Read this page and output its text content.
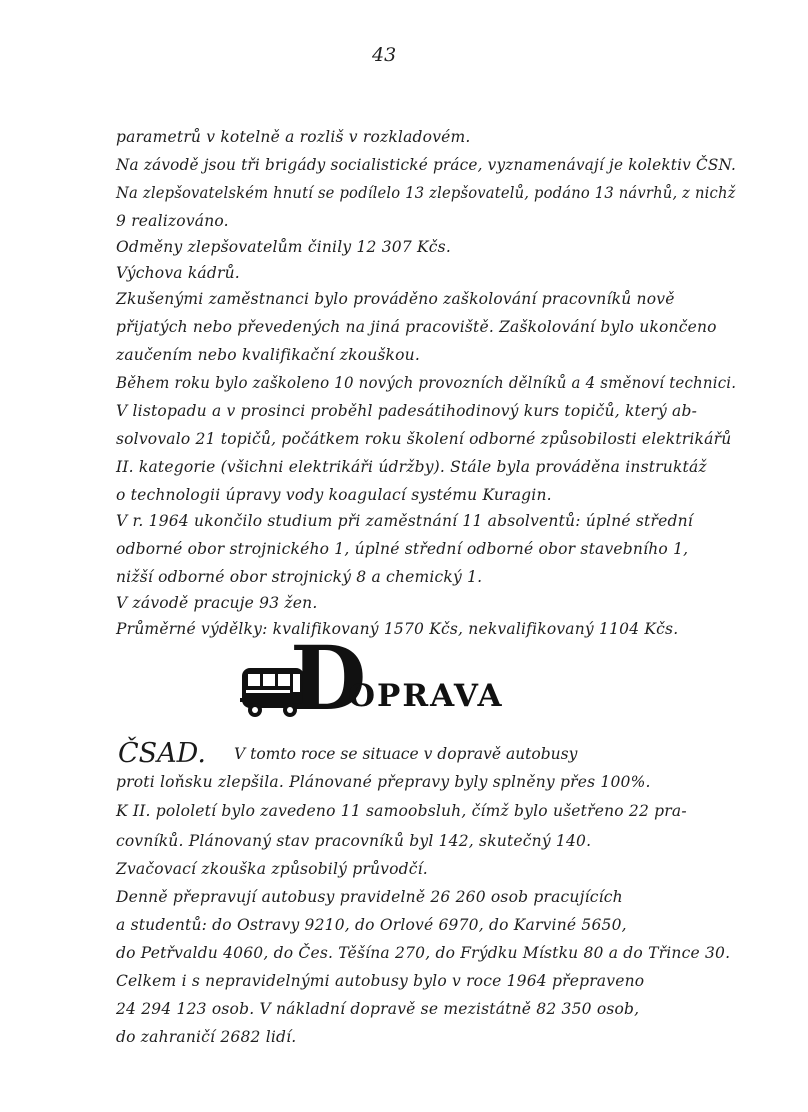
43
parametrů v kotelně a rozliš v rozkladovém.
Na závodě jsou tři brigády socialistické práce, vyznamenávají je kolektiv ČSN.
Na zlepšovatelském hnutí se podílelo 13 zlepšovatelů, podáno 13 návrhů, z nichž
9 realizováno.
Odměny zlepšovatelům činily 12 307 Kčs.
Výchova kádrů.
Zkušenými zaměstnanci bylo prováděno zaškolování pracovníků nově
přijatých nebo převedených na jiná pracoviště. Zaškolování bylo ukončeno
zaučením nebo kvalifikační zkouškou.
Během roku bylo zaškoleno 10 nových provozních dělníků a 4 směnoví technici.
V listopadu a v prosinci proběhl padesátihodinový kurs topičů, který ab-
solvovalo 21 topičů, počátkem roku školení odborné způsobilosti elektrikářů
II. kategorie (všichni elektrikáři údržby). Stále byla prováděna instruktáž
o technologii úpravy vody koagulací systému Kuragin.
V r. 1964 ukončilo studium při zaměstnání 11 absolventů: úplné střední
odborné obor strojnického 1, úplné střední odborné obor stavebního 1,
nižší odborné obor strojnický 8 a chemický 1.
V závodě pracuje 93 žen.
Průměrné výdělky: kvalifikovaný 1570 Kčs, nekvalifikovaný 1104 Kčs.
D
OPRAVA
ČSAD. V tomto roce se situace v dopravě autobusy
proti loňsku zlepšila. Plánované přepravy byly splněny přes 100%.
K II. pololetí bylo zavedeno 11 samoobsluh, čímž bylo ušetřeno 22 pra-
covníků. Plánovaný stav pracovníků byl 142, skutečný 140.
Zvačovací zkouška způsobilý průvodčí.
Denně přepravují autobusy pravidelně 26 260 osob pracujících
a studentů: do Ostravy 9210, do Orlové 6970, do Karviné 5650,
do Petřvaldu 4060, do Čes. Těšína 270, do Frýdku Místku 80 a do Třince 30.
Celkem i s nepravidelnými autobusy bylo v roce 1964 přepraveno
24 294 123 osob. V nákladní dopravě se mezistátně 82 350 osob,
do zahraničí 2682 lidí.
